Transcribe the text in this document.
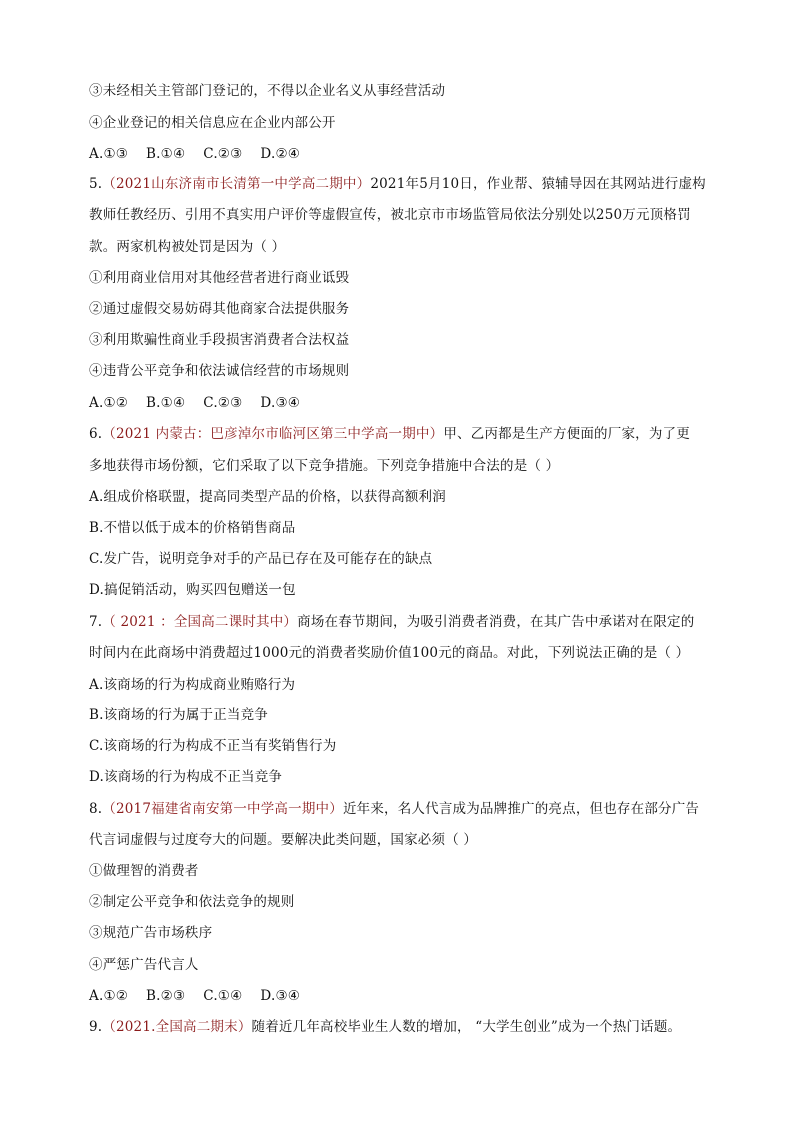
③未经相关主管部门登记的，不得以企业名义从事经营活动
④企业登记的相关信息应在企业内部公开
A.①③ B.①④ C.②③ D.②④
5.（2021山东济南市长清第一中学高二期中）2021年5月10日，作业帮、猿辅导因在其网站进行虚构
教师任教经历、引用不真实用户评价等虚假宣传，被北京市市场监管局依法分别处以250万元顶格罚
款。两家机构被处罚是因为（ ）
①利用商业信用对其他经营者进行商业诋毁
②通过虚假交易妨碍其他商家合法提供服务
③利用欺骗性商业手段损害消费者合法权益
④违背公平竞争和依法诚信经营的市场规则
A.①② B.①④ C.②③ D.③④
6.（2021 内蒙古：巴彦淖尔市临河区第三中学高一期中）甲、乙丙都是生产方便面的厂家，为了更
多地获得市场份额，它们采取了以下竞争措施。下列竞争措施中合法的是（ ）
A.组成价格联盟，提高同类型产品的价格，以获得高额利润
B.不惜以低于成本的价格销售商品
C.发广告，说明竞争对手的产品已存在及可能存在的缺点
D.搞促销活动，购买四包赠送一包
7.（ 2021 ：全国高二课时其中）商场在春节期间，为吸引消费者消费，在其广告中承诺对在限定的
时间内在此商场中消费超过1000元的消费者奖励价值100元的商品。对此，下列说法正确的是（ ）
A.该商场的行为构成商业贿赂行为
B.该商场的行为属于正当竞争
C.该商场的行为构成不正当有奖销售行为
D.该商场的行为构成不正当竞争
8.（2017福建省南安第一中学高一期中）近年来，名人代言成为品牌推广的亮点，但也存在部分广告
代言词虚假与过度夸大的问题。要解决此类问题，国家必须（ ）
①做理智的消费者
②制定公平竞争和依法竞争的规则
③规范广告市场秩序
④严惩广告代言人
A.①② B.②③ C.①④ D.③④
9.（2021.全国高二期末）随着近几年高校毕业生人数的增加， “大学生创业”成为一个热门话题。
